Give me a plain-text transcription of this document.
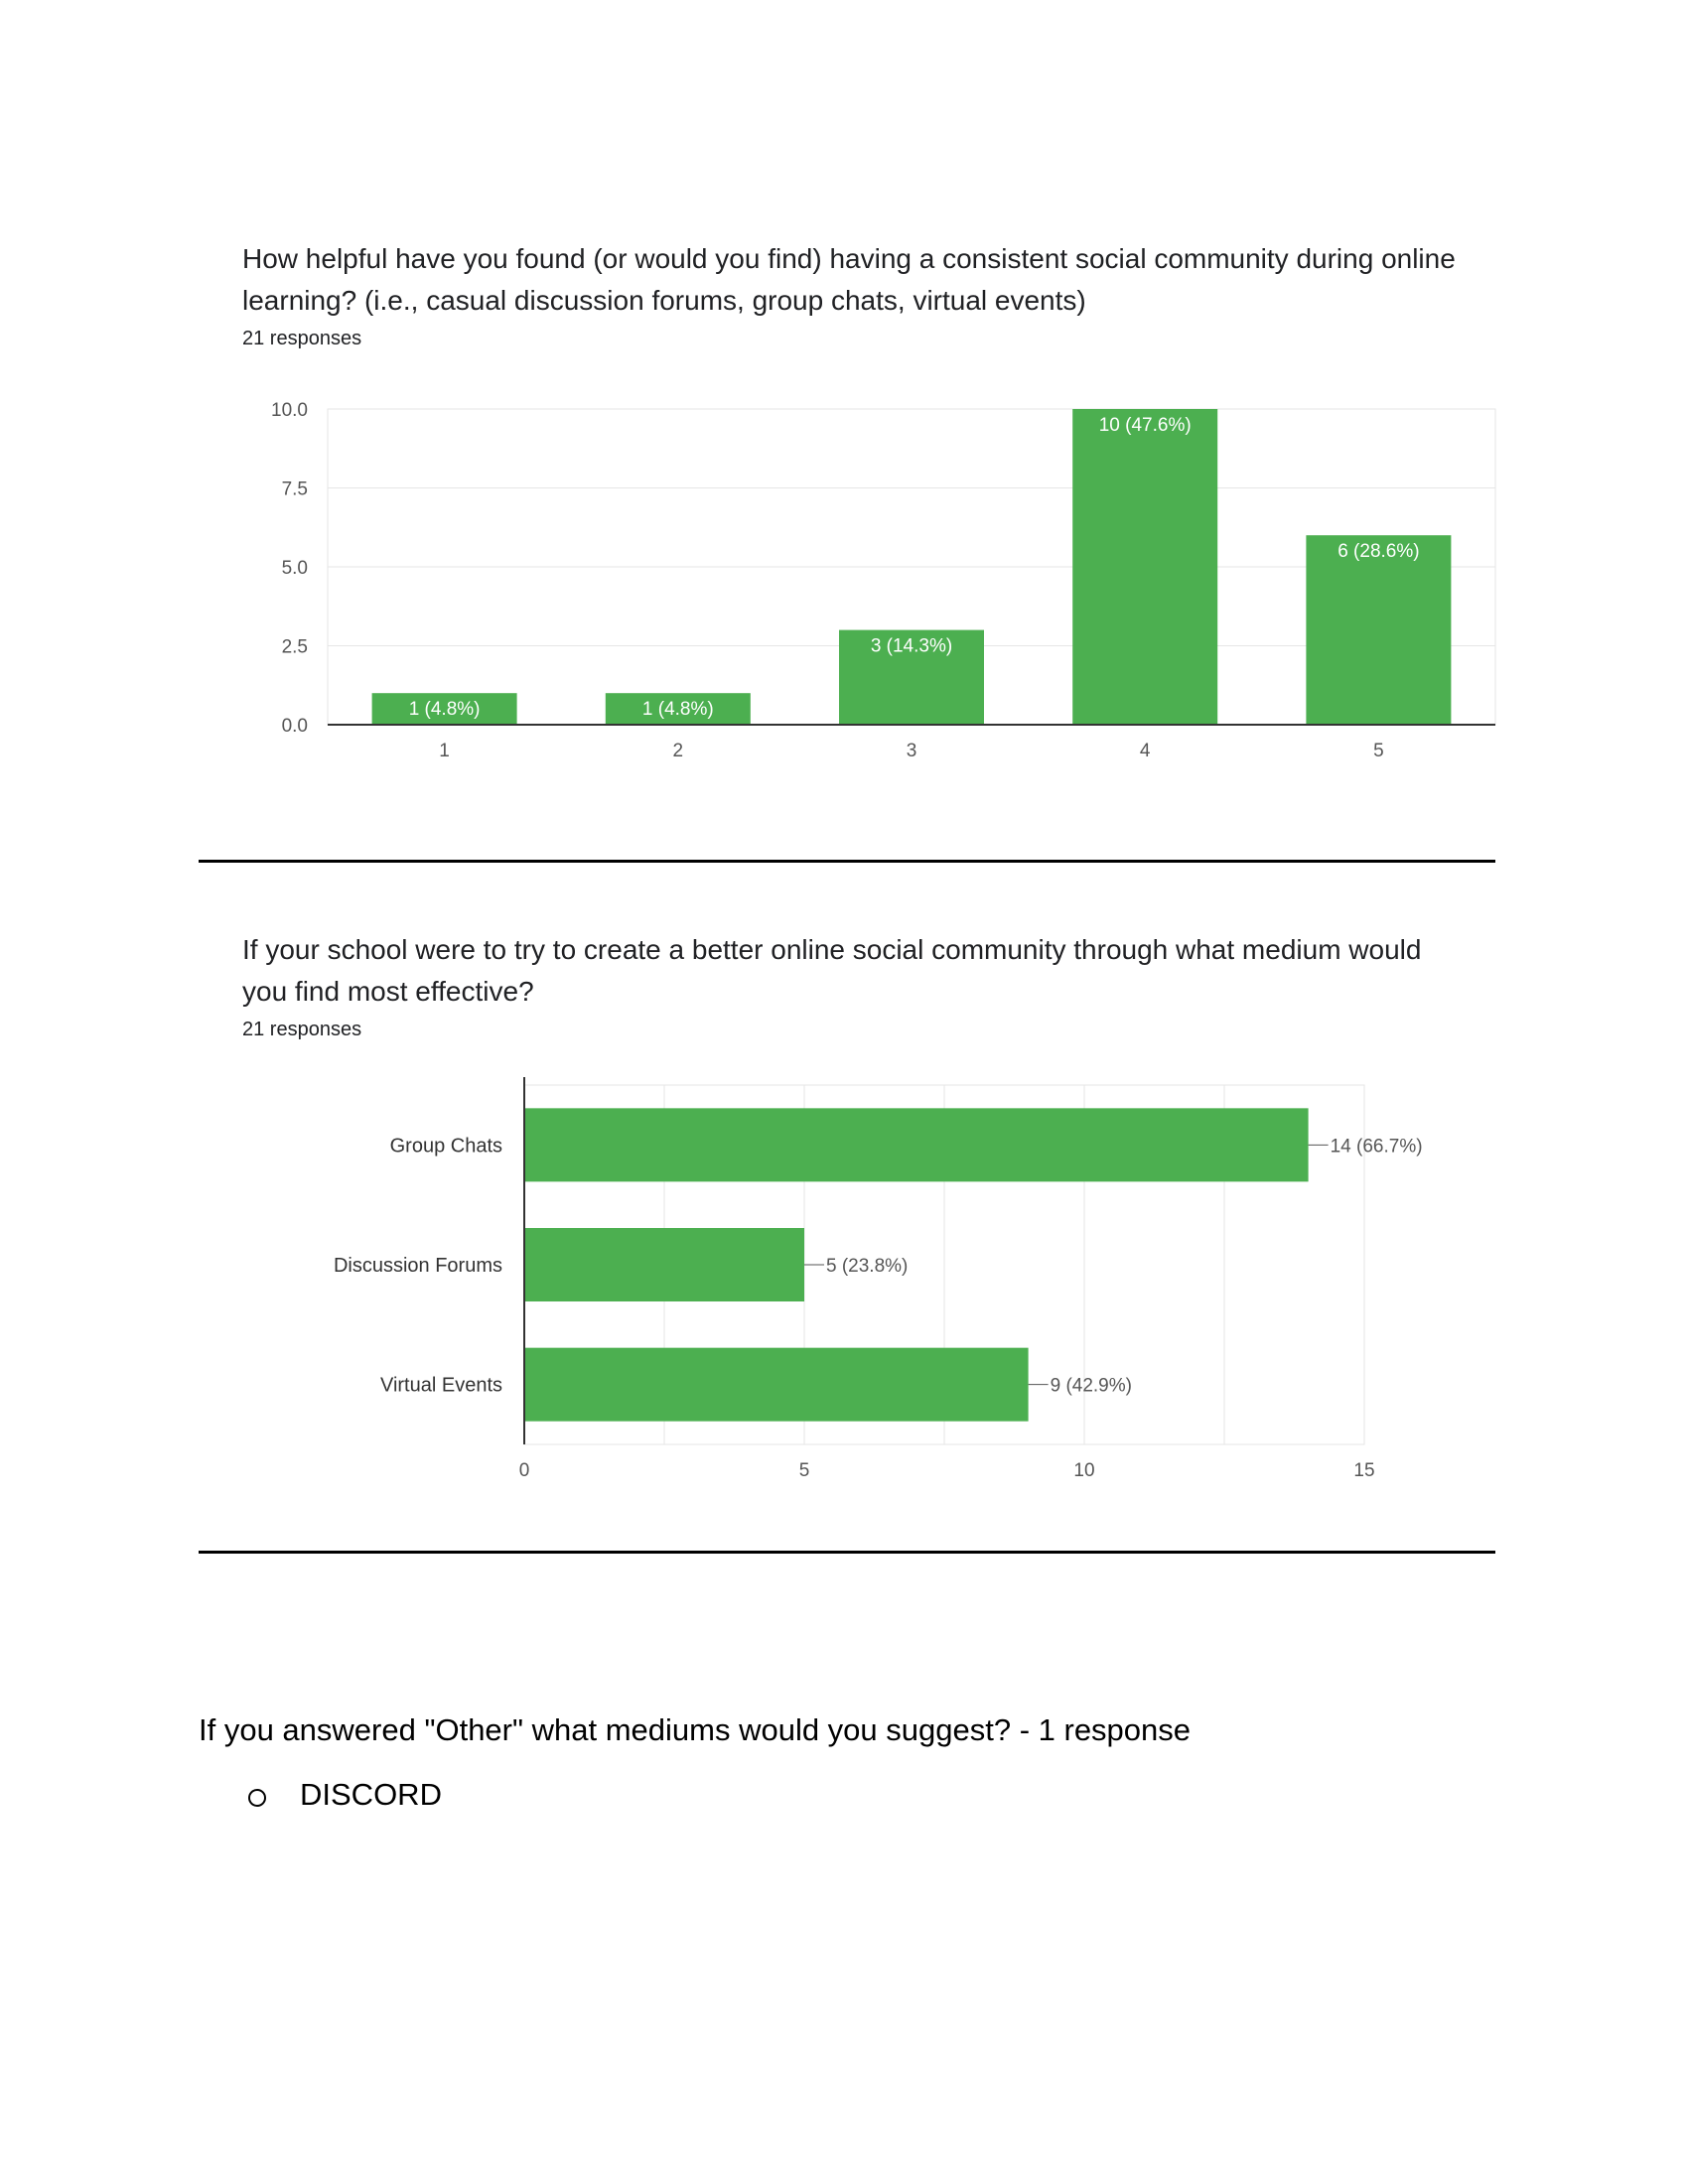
How helpful have you found (or would you find) having a consistent social community during online learning? (i.e., casual discussion forums, group chats, virtual events)
21 responses
0.0
2.5
5.0
7.5
10.0
1 (4.8%)
1
1 (4.8%)
2
3 (14.3%)
3
10 (47.6%)
4
6 (28.6%)
5
If your school were to try to create a better online social community through what medium would you find most effective?
21 responses
0	5	10	15
14 (66.7%)
Group Chats
5 (23.8%)
Discussion Forums
9 (42.9%)
Virtual Events
If you answered "Other" what mediums would you suggest? - 1 response
DISCORD
